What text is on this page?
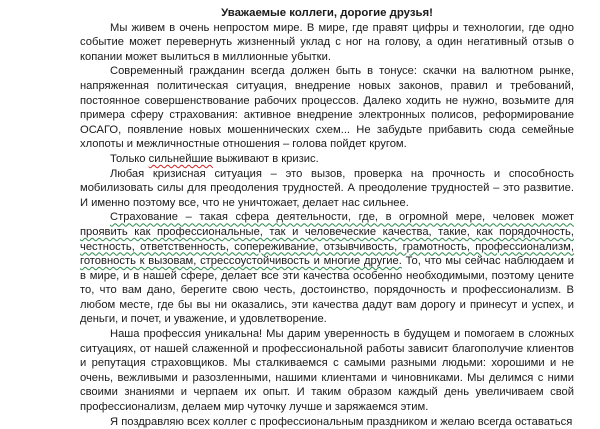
Уважаемые коллеги, дорогие друзья!

Мы живем в очень непростом мире. В мире, где правят цифры и технологии, где одно событие может перевернуть жизненный уклад с ног на голову, а один негативный отзыв о копании может вылиться в миллионные убытки.

Современный гражданин всегда должен быть в тонусе: скачки на валютном рынке, напряженная политическая ситуация, внедрение новых законов, правил и требований, постоянное совершенствование рабочих процессов. Далеко ходить не нужно, возьмите для примера сферу страхования: активное внедрение электронных полисов, реформирование ОСАГО, появление новых мошеннических схем... Не забудьте прибавить сюда семейные хлопоты и межличностные отношения – голова пойдет кругом.

Только сильнейшие выживают в кризис.

Любая кризисная ситуация – это вызов, проверка на прочность и способность мобилизовать силы для преодоления трудностей. А преодоление трудностей – это развитие. И именно поэтому все, что не уничтожает, делает нас сильнее.

Страхование – такая сфера деятельности, где, в огромной мере, человек может проявить как профессиональные, так и человеческие качества, такие, как порядочность, честность, ответственность, сопереживание, отзывчивость, грамотность, профессионализм, готовность к вызовам, стрессоустойчивость и многие другие. То, что мы сейчас наблюдаем и в мире, и в нашей сфере, делает все эти качества особенно необходимыми, поэтому цените то, что вам дано, берегите свою честь, достоинство, порядочность и профессионализм. В любом месте, где бы вы ни оказались, эти качества дадут вам дорогу и принесут и успех, и деньги, и почет, и уважение, и удовлетворение.

Наша профессия уникальна! Мы дарим уверенность в будущем и помогаем в сложных ситуациях, от нашей слаженной и профессиональной работы зависит благополучие клиентов и репутация страховщиков. Мы сталкиваемся с самыми разными людьми: хорошими и не очень, вежливыми и разозленными, нашими клиентами и чиновниками. Мы делимся с ними своими знаниями и черпаем их опыт. И таким образом каждый день увеличиваем свой профессионализм, делаем мир чуточку лучше и заряжаемся этим.

Я поздравляю всех коллег с профессиональным праздником и желаю всегда оставаться
